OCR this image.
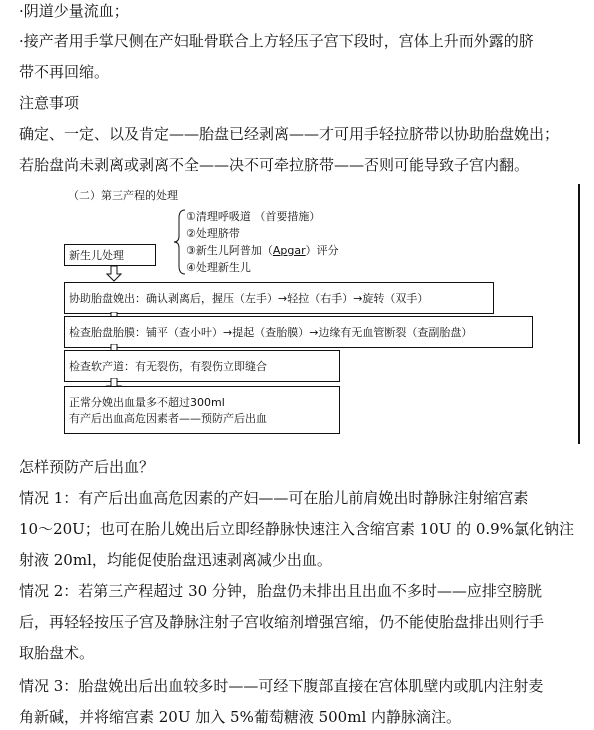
·阴道少量流血；
·接产者用手掌尺侧在产妇耻骨联合上方轻压子宫下段时，宫体上升而外露的脐
带不再回缩。
注意事项
确定、一定、以及肯定——胎盘已经剥离——才可用手轻拉脐带以协助胎盘娩出；
若胎盘尚未剥离或剥离不全——决不可牵拉脐带——否则可能导致子宫内翻。
（二）第三产程的处理
①清理呼吸道 （首要措施）
②处理脐带
③新生儿阿普加（Apgar）评分
④处理新生儿
新生儿处理
协助胎盘娩出：确认剥离后，握压（左手）→轻拉（右手）→旋转（双手）
检查胎盘胎膜：铺平（查小叶）→提起（查胎膜）→边缘有无血管断裂（查副胎盘）
检查软产道：有无裂伤，有裂伤立即缝合
正常分娩出血量多不超过300ml
有产后出血高危因素者——预防产后出血
怎样预防产后出血？
情况 1：有产后出血高危因素的产妇——可在胎儿前肩娩出时静脉注射缩宫素
10～20U；也可在胎儿娩出后立即经静脉快速注入含缩宫素 10U 的 0.9%氯化钠注
射液 20ml，均能促使胎盘迅速剥离减少出血。
情况 2：若第三产程超过 30 分钟，胎盘仍未排出且出血不多时——应排空膀胱
后，再轻轻按压子宫及静脉注射子宫收缩剂增强宫缩，仍不能使胎盘排出则行手
取胎盘术。
情况 3：胎盘娩出后出血较多时——可经下腹部直接在宫体肌壁内或肌内注射麦
角新碱，并将缩宫素 20U 加入 5%葡萄糖液 500ml 内静脉滴注。
